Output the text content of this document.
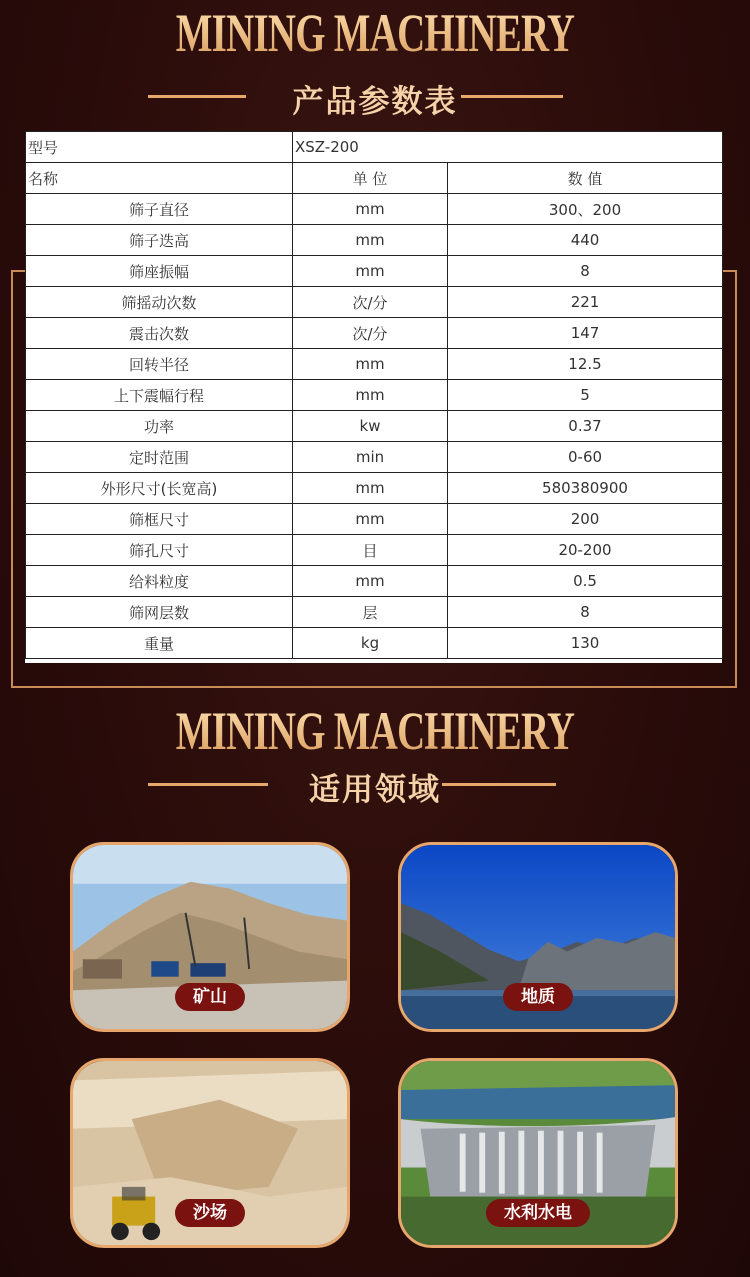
MINING MACHINERY
产品参数表
型号	XSZ-200	
名称	单 位	数 值
筛子直径	mm	300、200
筛子迭高	mm	440
筛座振幅	mm	8
筛摇动次数	次/分	221
震击次数	次/分	147
回转半径	mm	12.5
上下震幅行程	mm	5
功率	kw	0.37
定时范围	min	0-60
外形尺寸(长宽高)	mm	580380900
筛框尺寸	mm	200
筛孔尺寸	目	20-200
给料粒度	mm	0.5
筛网层数	层	8
重量	kg	130
MINING MACHINERY
适用领域
矿山	地质
沙场	水利水电
